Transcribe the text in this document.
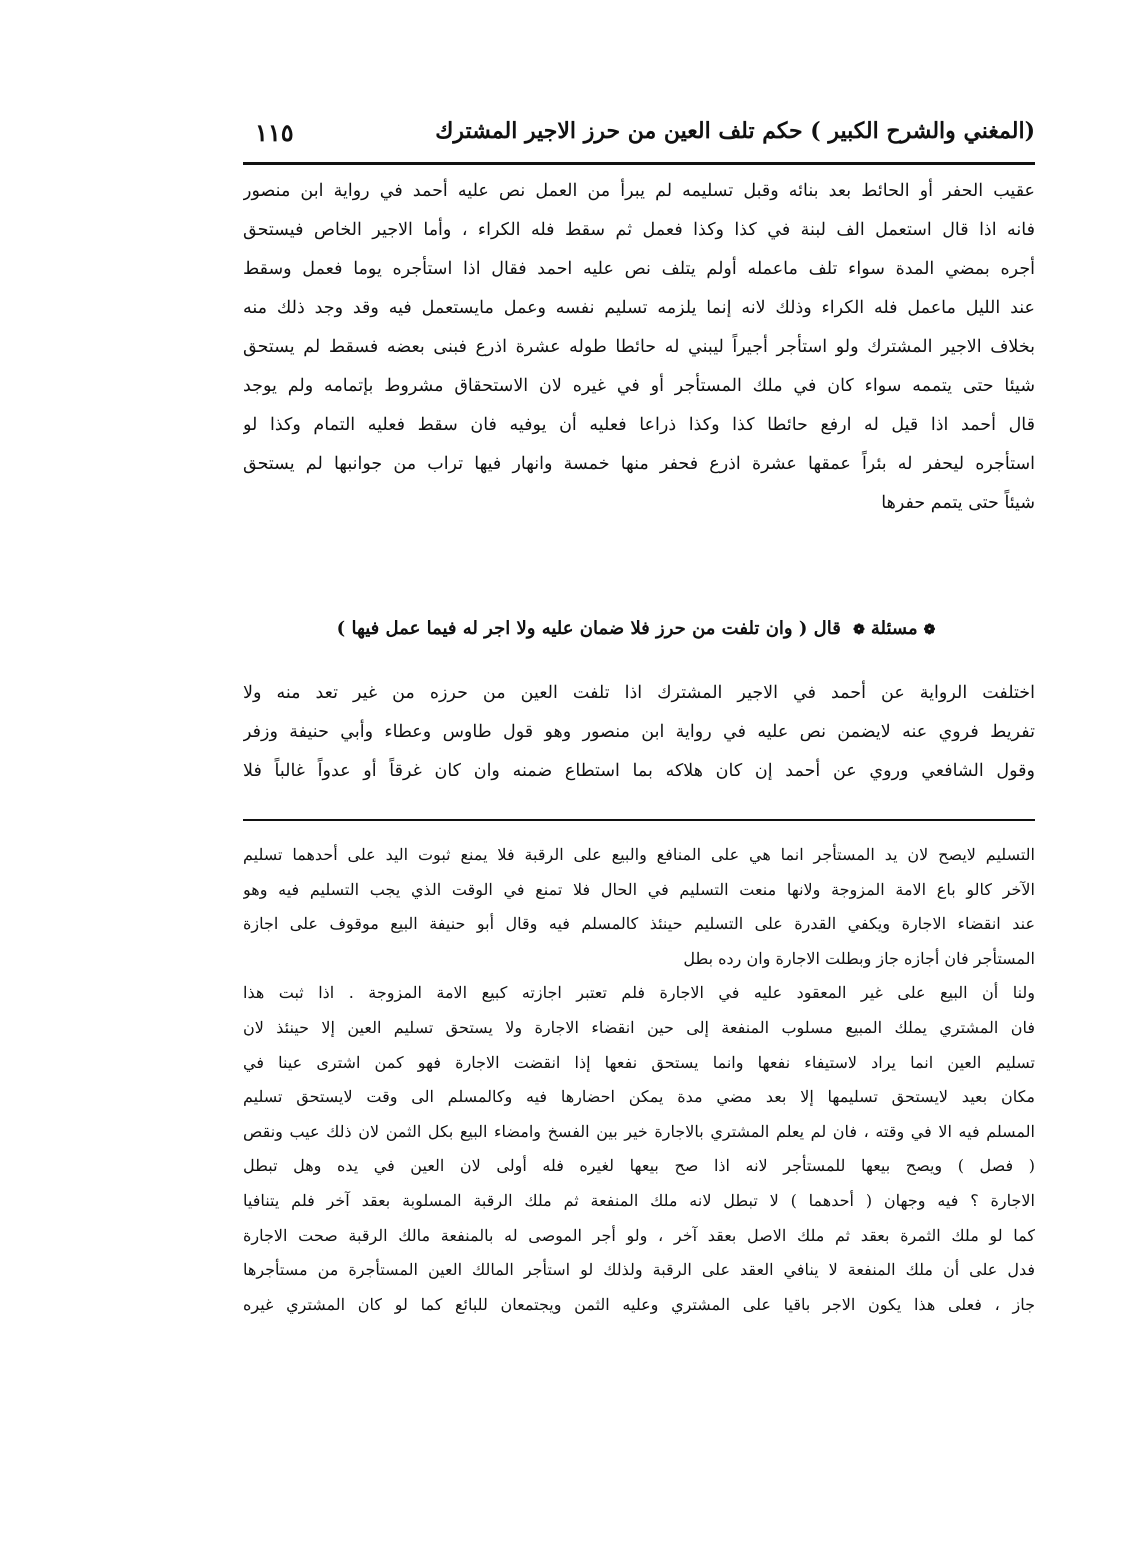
(المغني والشرح الكبير ) حكم تلف العين من حرز الاجير المشترك
١١٥
عقيب الحفر أو الحائط بعد بنائه وقبل تسليمه لم يبرأ من العمل نص عليه أحمد في رواية ابن منصور
فانه اذا قال استعمل الف لبنة في كذا وكذا فعمل ثم سقط فله الكراء ، وأما الاجير الخاص فيستحق
أجره بمضي المدة سواء تلف ماعمله أولم يتلف نص عليه احمد فقال اذا استأجره يوما فعمل وسقط
عند الليل ماعمل فله الكراء وذلك لانه إنما يلزمه تسليم نفسه وعمل مايستعمل فيه وقد وجد ذلك منه
بخلاف الاجير المشترك ولو استأجر أجيراً ليبني له حائطا طوله عشرة اذرع فبنى بعضه فسقط لم يستحق
شيئا حتى يتممه سواء كان في ملك المستأجر أو في غيره لان الاستحقاق مشروط بإتمامه ولم يوجد
قال أحمد اذا قيل له ارفع حائطا كذا وكذا ذراعا فعليه أن يوفيه فان سقط فعليه التمام وكذا لو
استأجره ليحفر له بئراً عمقها عشرة اذرع فحفر منها خمسة وانهار فيها تراب من جوانبها لم يستحق
شيئاً حتى يتمم حفرها
❁مسئلة❁ قال ( وان تلفت من حرز فلا ضمان عليه ولا اجر له فيما عمل فيها )
اختلفت الرواية عن أحمد في الاجير المشترك اذا تلفت العين من حرزه من غير تعد منه ولا
تفريط فروي عنه لايضمن نص عليه في رواية ابن منصور وهو قول طاوس وعطاء وأبي حنيفة وزفر
وقول الشافعي وروي عن أحمد إن كان هلاكه بما استطاع ضمنه وان كان غرقاً أو عدواً غالباً فلا
التسليم لايصح لان يد المستأجر انما هي على المنافع والبيع على الرقبة فلا يمنع ثبوت اليد على أحدهما تسليم
الآخر كالو باع الامة المزوجة ولانها منعت التسليم في الحال فلا تمنع في الوقت الذي يجب التسليم فيه وهو
عند انقضاء الاجارة ويكفي القدرة على التسليم حينئذ كالمسلم فيه وقال أبو حنيفة البيع موقوف على اجازة
المستأجر فان أجازه جاز وبطلت الاجارة وان رده بطل
ولنا أن البيع على غير المعقود عليه في الاجارة فلم تعتبر اجازته كبيع الامة المزوجة . اذا ثبت هذا
فان المشتري يملك المبيع مسلوب المنفعة إلى حين انقضاء الاجارة ولا يستحق تسليم العين إلا حينئذ لان
تسليم العين انما يراد لاستيفاء نفعها وانما يستحق نفعها إذا انقضت الاجارة فهو كمن اشترى عينا في
مكان بعيد لايستحق تسليمها إلا بعد مضي مدة يمكن احضارها فيه وكالمسلم الى وقت لايستحق تسليم
المسلم فيه الا في وقته ، فان لم يعلم المشتري بالاجارة خير بين الفسخ وامضاء البيع بكل الثمن لان ذلك عيب ونقص
( فصل ) ويصح بيعها للمستأجر لانه اذا صح بيعها لغيره فله أولى لان العين في يده وهل تبطل
الاجارة ؟ فيه وجهان ( أحدهما ) لا تبطل لانه ملك المنفعة ثم ملك الرقبة المسلوبة بعقد آخر فلم يتنافيا
كما لو ملك الثمرة بعقد ثم ملك الاصل بعقد آخر ، ولو أجر الموصى له بالمنفعة مالك الرقبة صحت الاجارة
فدل على أن ملك المنفعة لا ينافي العقد على الرقبة ولذلك لو استأجر المالك العين المستأجرة من مستأجرها
جاز ، فعلى هذا يكون الاجر باقيا على المشتري وعليه الثمن ويجتمعان للبائع كما لو كان المشتري غيره
